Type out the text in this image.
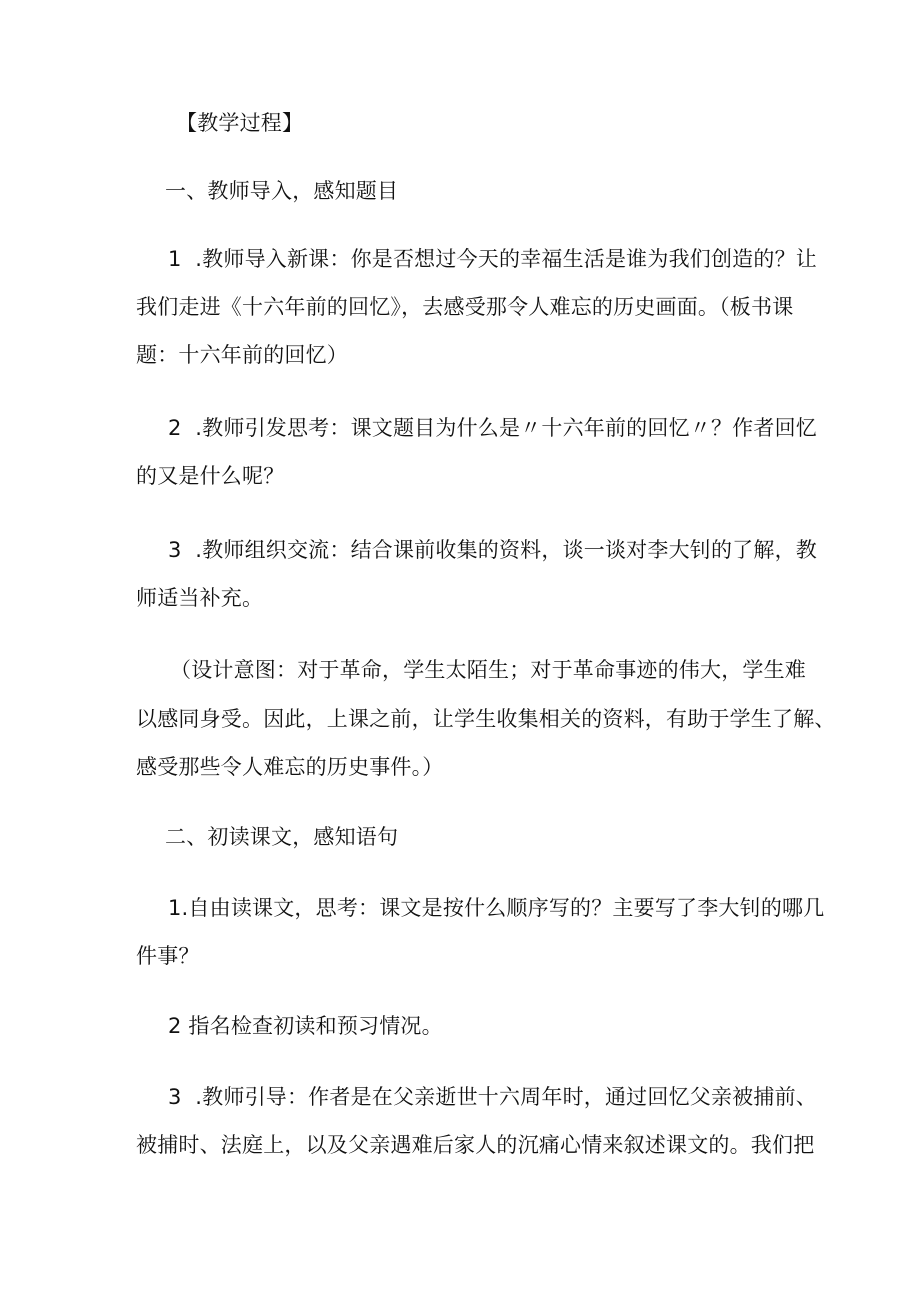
【教学过程】
一、教师导入，感知题目
1  .教师导入新课：你是否想过今天的幸福生活是谁为我们创造的？让
我们走进《十六年前的回忆》，去感受那令人难忘的历史画面。（板书课
题：十六年前的回忆）
2  .教师引发思考：课文题目为什么是〃十六年前的回忆〃？作者回忆
的又是什么呢？
3  .教师组织交流：结合课前收集的资料，谈一谈对李大钊的了解，教
师适当补充。
（设计意图：对于革命，学生太陌生；对于革命事迹的伟大，学生难
以感同身受。因此，上课之前，让学生收集相关的资料，有助于学生了解、
感受那些令人难忘的历史事件。）
二、初读课文，感知语句
1.自由读课文，思考：课文是按什么顺序写的？主要写了李大钊的哪几
件事？
2 指名检查初读和预习情况。
3  .教师引导：作者是在父亲逝世十六周年时，通过回忆父亲被捕前、
被捕时、法庭上，以及父亲遇难后家人的沉痛心情来叙述课文的。我们把
